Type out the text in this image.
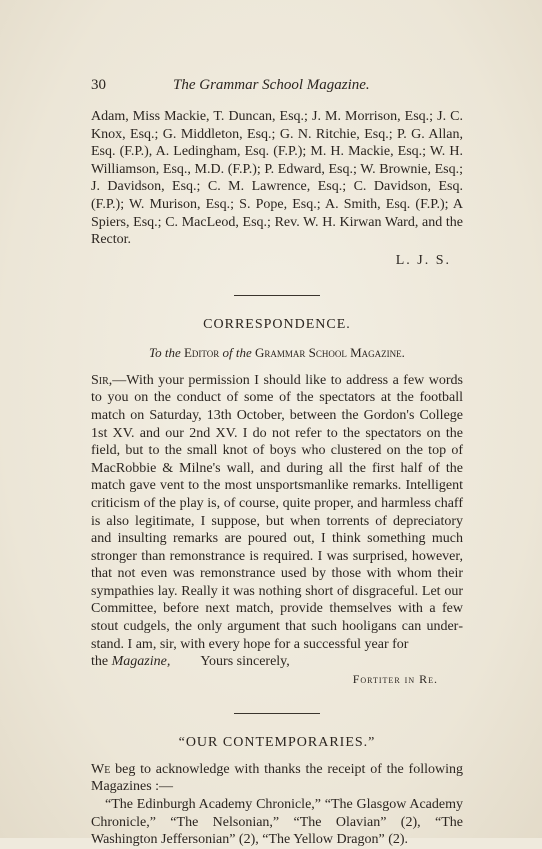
30	The Grammar School Magazine.

Adam, Miss Mackie, T. Duncan, Esq.; J. M. Morrison, Esq.; J. C. Knox, Esq.; G. Middleton, Esq.; G. N. Ritchie, Esq.; P. G. Allan, Esq. (F.P.), A. Ledingham, Esq. (F.P.); M. H. Mackie, Esq.; W. H. Williamson, Esq., M.D. (F.P.); P. Edward, Esq.; W. Brownie, Esq.; J. Davidson, Esq.; C. M. Lawrence, Esq.; C. Davidson, Esq. (F.P.); W. Murison, Esq.; S. Pope, Esq.; A. Smith, Esq. (F.P.); A Spiers, Esq.; C. MacLeod, Esq.; Rev. W. H. Kirwan Ward, and the Rector.

L. J. S.
CORRESPONDENCE.
To the Editor of the Grammar School Magazine.

Sir,—With your permission I should like to address a few words to you on the conduct of some of the spectators at the football match on Saturday, 13th October, between the Gordon's College 1st XV. and our 2nd XV. I do not refer to the spectators on the field, but to the small knot of boys who clustered on the top of MacRobbie & Milne's wall, and during all the first half of the match gave vent to the most unsportsmanlike remarks. Intelligent criticism of the play is, of course, quite proper, and harmless chaff is also legitimate, I suppose, but when torrents of depreciatory and insulting remarks are poured out, I think something much stronger than remonstrance is required. I was surprised, however, that not even was remonstrance used by those with whom their sympathies lay. Really it was nothing short of disgraceful. Let our Committee, before next match, provide themselves with a few stout cudgels, the only argument that such hooligans can understand. I am, sir, with every hope for a successful year for

the Magazine, Yours sincerely,

Fortiter in Re.
“OUR CONTEMPORARIES.”

We beg to acknowledge with thanks the receipt of the following Magazines :—

“The Edinburgh Academy Chronicle,” “The Glasgow Academy Chronicle,” “The Nelsonian,” “The Olavian” (2), “The Washington Jeffersonian” (2), “The Yellow Dragon” (2).
